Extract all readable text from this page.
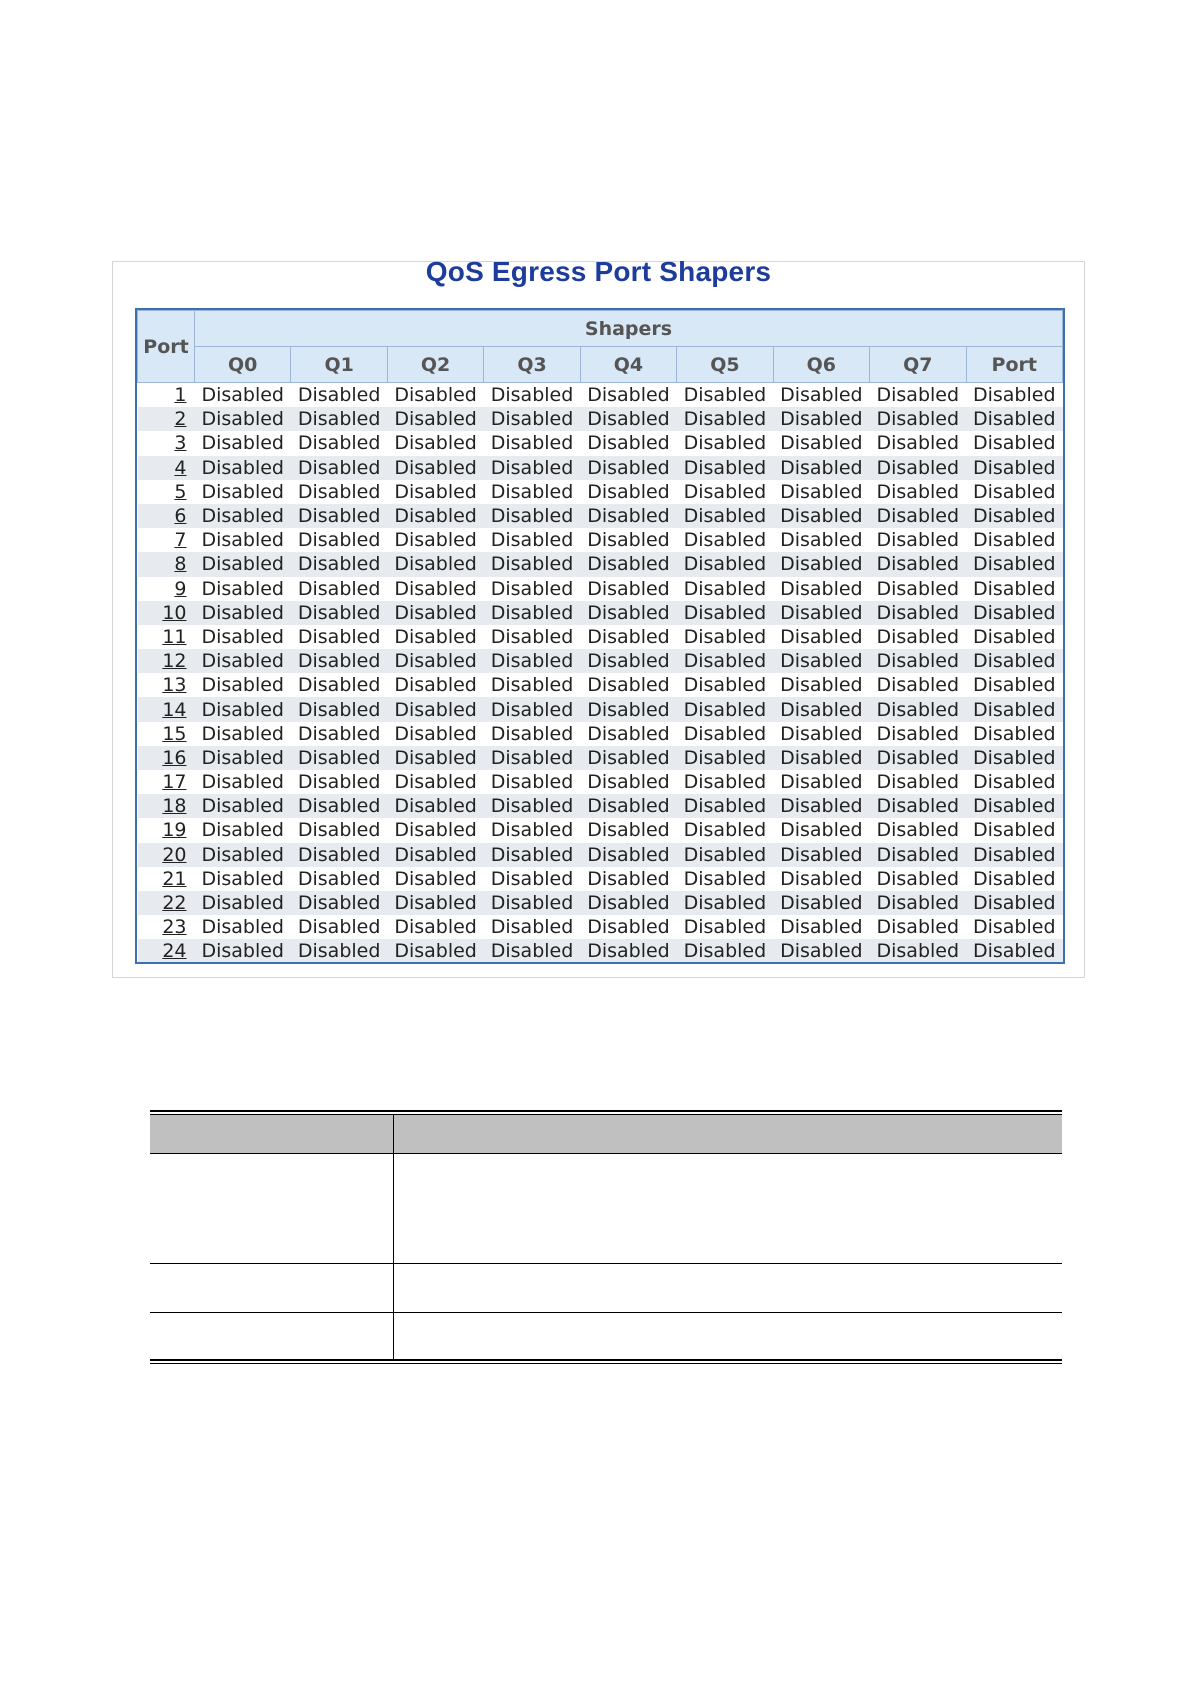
QoS Egress Port Shapers
Port	Shapers								
	Q0	Q1	Q2	Q3	Q4	Q5	Q6	Q7	Port
1	Disabled	Disabled	Disabled	Disabled	Disabled	Disabled	Disabled	Disabled	Disabled
2	Disabled	Disabled	Disabled	Disabled	Disabled	Disabled	Disabled	Disabled	Disabled
3	Disabled	Disabled	Disabled	Disabled	Disabled	Disabled	Disabled	Disabled	Disabled
4	Disabled	Disabled	Disabled	Disabled	Disabled	Disabled	Disabled	Disabled	Disabled
5	Disabled	Disabled	Disabled	Disabled	Disabled	Disabled	Disabled	Disabled	Disabled
6	Disabled	Disabled	Disabled	Disabled	Disabled	Disabled	Disabled	Disabled	Disabled
7	Disabled	Disabled	Disabled	Disabled	Disabled	Disabled	Disabled	Disabled	Disabled
8	Disabled	Disabled	Disabled	Disabled	Disabled	Disabled	Disabled	Disabled	Disabled
9	Disabled	Disabled	Disabled	Disabled	Disabled	Disabled	Disabled	Disabled	Disabled
10	Disabled	Disabled	Disabled	Disabled	Disabled	Disabled	Disabled	Disabled	Disabled
11	Disabled	Disabled	Disabled	Disabled	Disabled	Disabled	Disabled	Disabled	Disabled
12	Disabled	Disabled	Disabled	Disabled	Disabled	Disabled	Disabled	Disabled	Disabled
13	Disabled	Disabled	Disabled	Disabled	Disabled	Disabled	Disabled	Disabled	Disabled
14	Disabled	Disabled	Disabled	Disabled	Disabled	Disabled	Disabled	Disabled	Disabled
15	Disabled	Disabled	Disabled	Disabled	Disabled	Disabled	Disabled	Disabled	Disabled
16	Disabled	Disabled	Disabled	Disabled	Disabled	Disabled	Disabled	Disabled	Disabled
17	Disabled	Disabled	Disabled	Disabled	Disabled	Disabled	Disabled	Disabled	Disabled
18	Disabled	Disabled	Disabled	Disabled	Disabled	Disabled	Disabled	Disabled	Disabled
19	Disabled	Disabled	Disabled	Disabled	Disabled	Disabled	Disabled	Disabled	Disabled
20	Disabled	Disabled	Disabled	Disabled	Disabled	Disabled	Disabled	Disabled	Disabled
21	Disabled	Disabled	Disabled	Disabled	Disabled	Disabled	Disabled	Disabled	Disabled
22	Disabled	Disabled	Disabled	Disabled	Disabled	Disabled	Disabled	Disabled	Disabled
23	Disabled	Disabled	Disabled	Disabled	Disabled	Disabled	Disabled	Disabled	Disabled
24	Disabled	Disabled	Disabled	Disabled	Disabled	Disabled	Disabled	Disabled	Disabled
